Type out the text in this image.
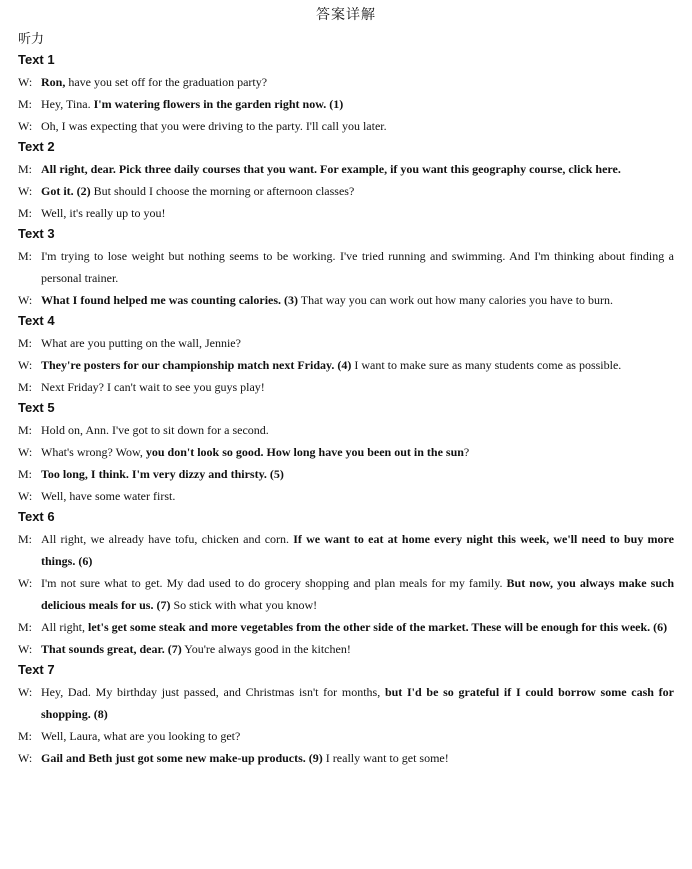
答案详解
听力
Text 1
W: Ron, have you set off for the graduation party?
M: Hey, Tina. I'm watering flowers in the garden right now. (1)
W: Oh, I was expecting that you were driving to the party. I'll call you later.
Text 2
M: All right, dear. Pick three daily courses that you want. For example, if you want this geography course, click here.
W: Got it. (2) But should I choose the morning or afternoon classes?
M: Well, it's really up to you!
Text 3
M: I'm trying to lose weight but nothing seems to be working. I've tried running and swimming. And I'm thinking about finding a personal trainer.
W: What I found helped me was counting calories. (3) That way you can work out how many calories you have to burn.
Text 4
M: What are you putting on the wall, Jennie?
W: They're posters for our championship match next Friday. (4) I want to make sure as many students come as possible.
M: Next Friday? I can't wait to see you guys play!
Text 5
M: Hold on, Ann. I've got to sit down for a second.
W: What's wrong? Wow, you don't look so good. How long have you been out in the sun?
M: Too long, I think. I'm very dizzy and thirsty. (5)
W: Well, have some water first.
Text 6
M: All right, we already have tofu, chicken and corn. If we want to eat at home every night this week, we'll need to buy more things. (6)
W: I'm not sure what to get. My dad used to do grocery shopping and plan meals for my family. But now, you always make such delicious meals for us. (7) So stick with what you know!
M: All right, let's get some steak and more vegetables from the other side of the market. These will be enough for this week. (6)
W: That sounds great, dear. (7) You're always good in the kitchen!
Text 7
W: Hey, Dad. My birthday just passed, and Christmas isn't for months, but I'd be so grateful if I could borrow some cash for shopping. (8)
M: Well, Laura, what are you looking to get?
W: Gail and Beth just got some new make-up products. (9) I really want to get some!
